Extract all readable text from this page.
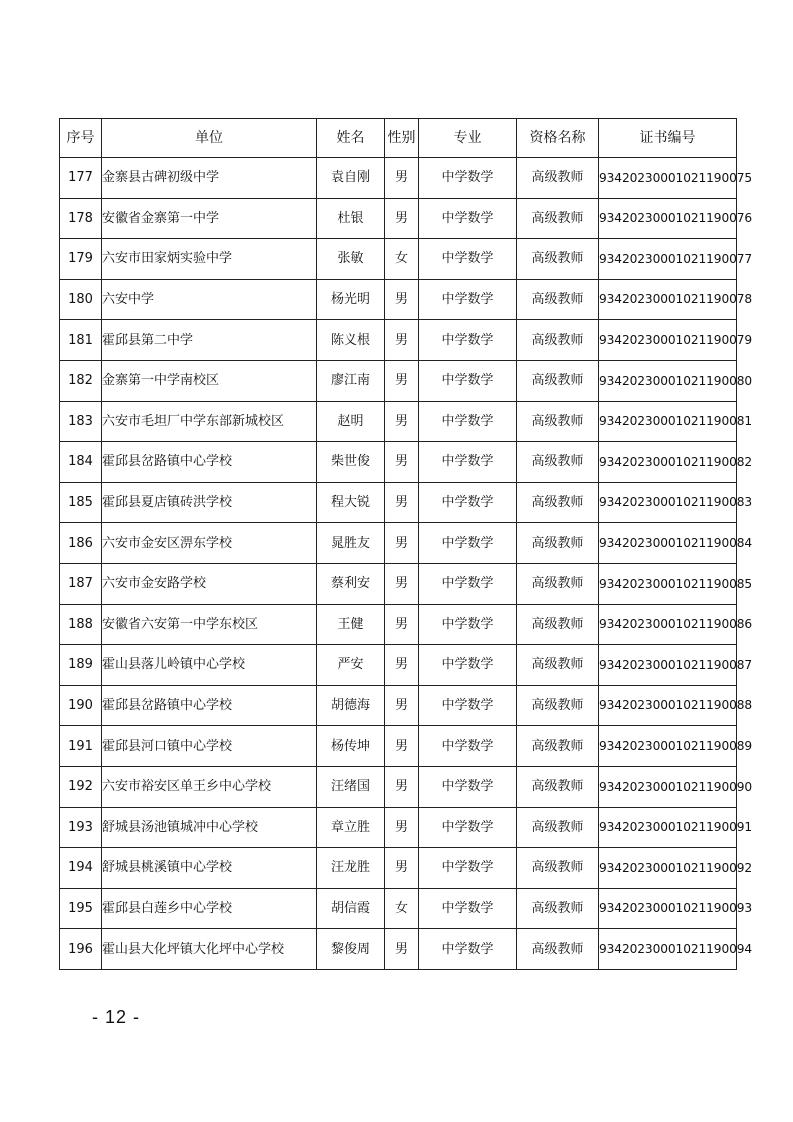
序号	单位	姓名	性别	专业	资格名称	证书编号
177	金寨县古碑初级中学	袁自刚	男	中学数学	高级教师	93420230001021190075
178	安徽省金寨第一中学	杜银	男	中学数学	高级教师	93420230001021190076
179	六安市田家炳实验中学	张敏	女	中学数学	高级教师	93420230001021190077
180	六安中学	杨光明	男	中学数学	高级教师	93420230001021190078
181	霍邱县第二中学	陈义根	男	中学数学	高级教师	93420230001021190079
182	金寨第一中学南校区	廖江南	男	中学数学	高级教师	93420230001021190080
183	六安市毛坦厂中学东部新城校区	赵明	男	中学数学	高级教师	93420230001021190081
184	霍邱县岔路镇中心学校	柴世俊	男	中学数学	高级教师	93420230001021190082
185	霍邱县夏店镇砖洪学校	程大锐	男	中学数学	高级教师	93420230001021190083
186	六安市金安区淠东学校	晁胜友	男	中学数学	高级教师	93420230001021190084
187	六安市金安路学校	蔡利安	男	中学数学	高级教师	93420230001021190085
188	安徽省六安第一中学东校区	王健	男	中学数学	高级教师	93420230001021190086
189	霍山县落儿岭镇中心学校	严安	男	中学数学	高级教师	93420230001021190087
190	霍邱县岔路镇中心学校	胡德海	男	中学数学	高级教师	93420230001021190088
191	霍邱县河口镇中心学校	杨传坤	男	中学数学	高级教师	93420230001021190089
192	六安市裕安区单王乡中心学校	汪绪国	男	中学数学	高级教师	93420230001021190090
193	舒城县汤池镇城冲中心学校	章立胜	男	中学数学	高级教师	93420230001021190091
194	舒城县桃溪镇中心学校	汪龙胜	男	中学数学	高级教师	93420230001021190092
195	霍邱县白莲乡中心学校	胡信霞	女	中学数学	高级教师	93420230001021190093
196	霍山县大化坪镇大化坪中心学校	黎俊周	男	中学数学	高级教师	93420230001021190094
- 12 -
